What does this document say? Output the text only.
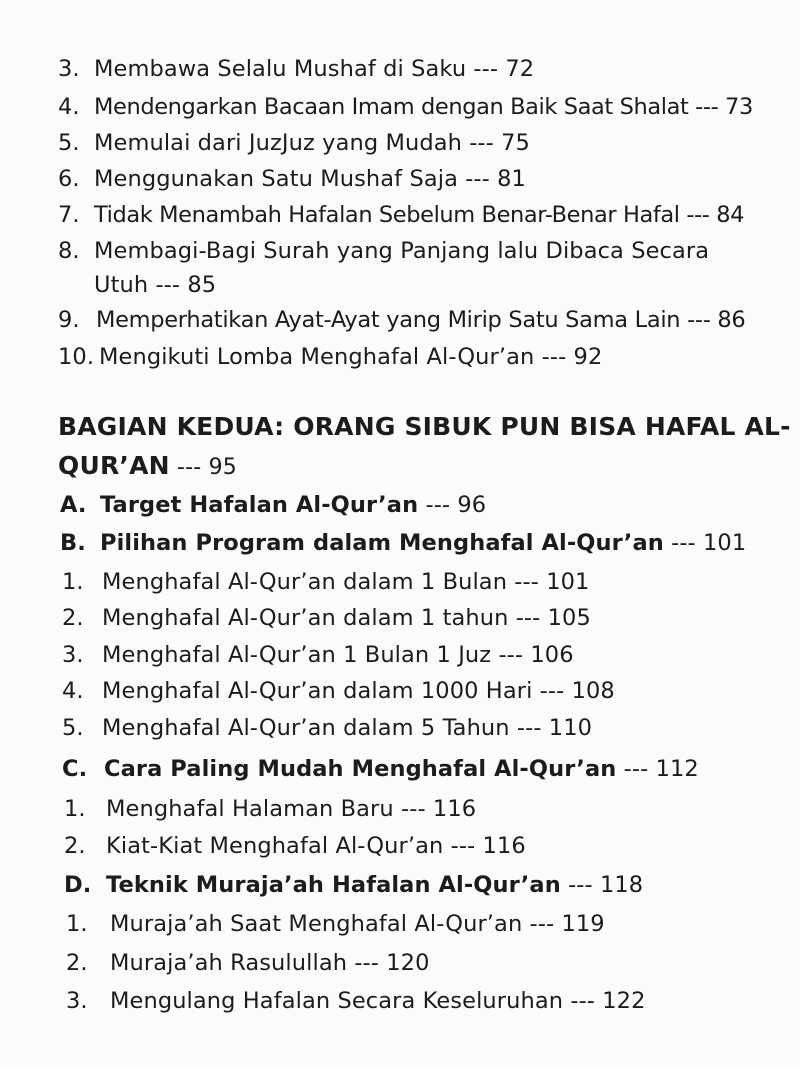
3. Membawa Selalu Mushaf di Saku --- 72
4. Mendengarkan Bacaan Imam dengan Baik Saat Shalat --- 73
5. Memulai dari JuzJuz yang Mudah --- 75
6. Menggunakan Satu Mushaf Saja --- 81
7. Tidak Menambah Hafalan Sebelum Benar-Benar Hafal --- 84
8. Membagi-Bagi Surah yang Panjang lalu Dibaca Secara
Utuh --- 85
9. Memperhatikan Ayat-Ayat yang Mirip Satu Sama Lain --- 86
10. Mengikuti Lomba Menghafal Al-Qur’an --- 92
BAGIAN KEDUA: ORANG SIBUK PUN BISA HAFAL AL-
QUR’AN --- 95
A. Target Hafalan Al-Qur’an --- 96
B. Pilihan Program dalam Menghafal Al-Qur’an --- 101
1. Menghafal Al-Qur’an dalam 1 Bulan --- 101
2. Menghafal Al-Qur’an dalam 1 tahun --- 105
3. Menghafal Al-Qur’an 1 Bulan 1 Juz --- 106
4. Menghafal Al-Qur’an dalam 1000 Hari --- 108
5. Menghafal Al-Qur’an dalam 5 Tahun --- 110
C. Cara Paling Mudah Menghafal Al-Qur’an --- 112
1. Menghafal Halaman Baru --- 116
2. Kiat-Kiat Menghafal Al-Qur’an --- 116
D. Teknik Muraja’ah Hafalan Al-Qur’an --- 118
1. Muraja’ah Saat Menghafal Al-Qur’an --- 119
2. Muraja’ah Rasulullah --- 120
3. Mengulang Hafalan Secara Keseluruhan --- 122
